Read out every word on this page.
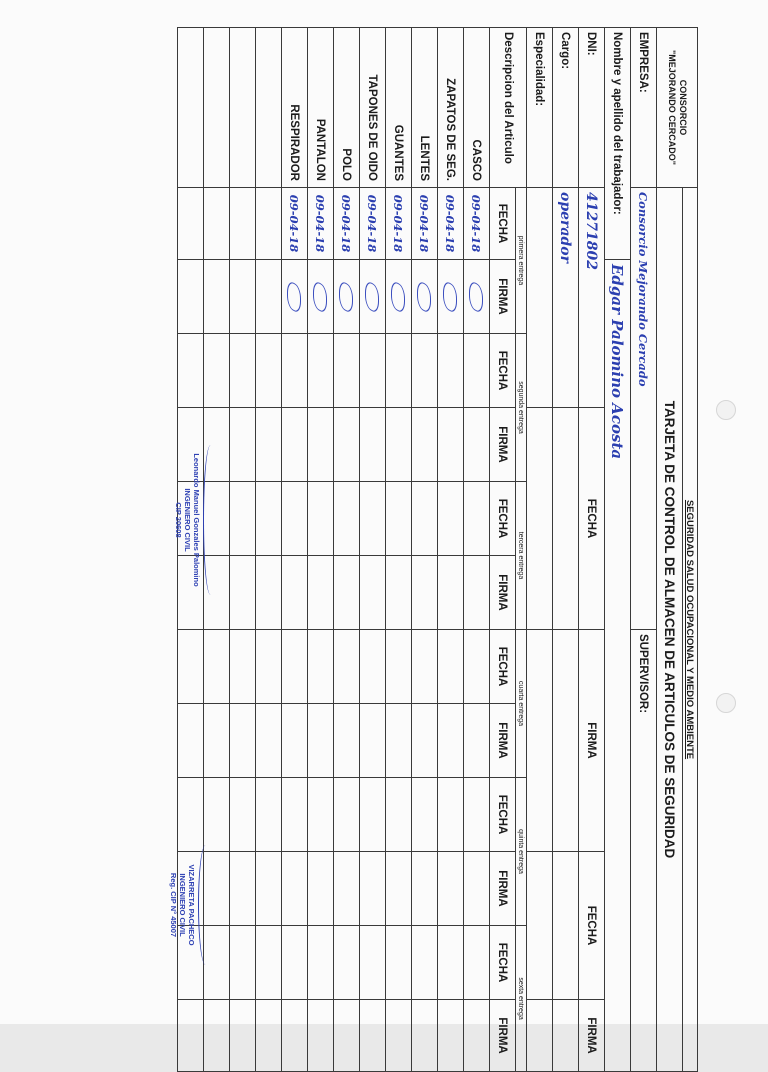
CONSORCIO
"MEJORANDO CERCADO"	SEGURIDAD SALUD OCUPACIONAL Y MEDIO AMBIENTE											
	TARJETA DE CONTROL DE ALMACEN DE ARTICULOS DE SEGURIDAD											
EMPRESA:	Consorcio Mejorando Cercado						SUPERVISOR:					
Nombre y apellido del trabajador:		Edgar Palomino Acosta										
DNI:	41271802			FECHA			FIRMA			FECHA		FIRMA
Cargo:	operador											
Especialidad:												
Descripcion del Articulo	primera entrega		segunda entrega		tercera entrega		cuarta entrega		quinta entrega		sexta entrega	
	FECHA	FIRMA	FECHA	FIRMA	FECHA	FIRMA	FECHA	FIRMA	FECHA	FIRMA	FECHA	FIRMA
CASCO	09-04-18											
ZAPATOS DE SEG.	09-04-18											
LENTES	09-04-18											
GUANTES	09-04-18											
TAPONES DE OIDO	09-04-18											
POLO	09-04-18											
PANTALON	09-04-18											
RESPIRADOR	09-04-18											

Leonardo Manuel Gonzales Palomino
INGENIERO CIVIL
CIP 20608
VIZARRETA PACHECO
INGENIERO CIVIL
Reg. CIP N° 45007
